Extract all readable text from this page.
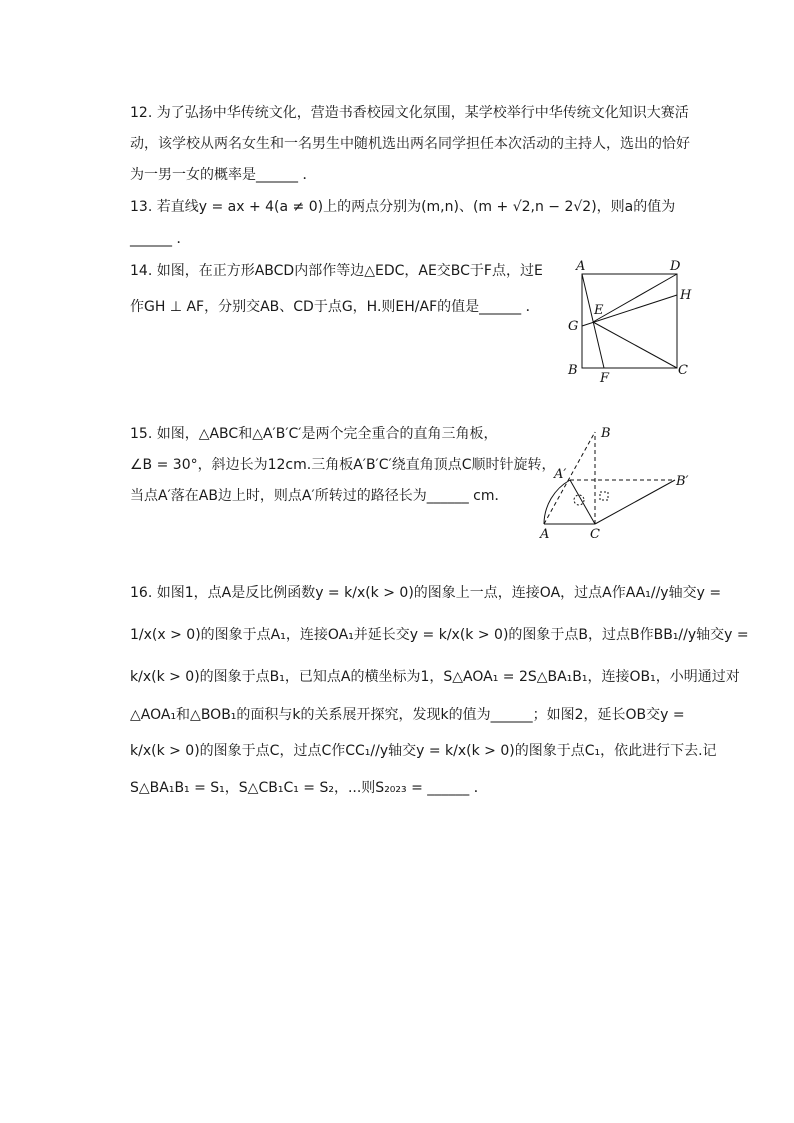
12. 为了弘扬中华传统文化，营造书香校园文化氛围，某学校举行中华传统文化知识大赛活
动，该学校从两名女生和一名男生中随机选出两名同学担任本次活动的主持人，选出的恰好
为一男一女的概率是______ ．
13. 若直线y = ax + 4(a ≠ 0)上的两点分别为(m,n)、(m + √2,n − 2√2)，则a的值为
______ ．
14. 如图，在正方形ABCD内部作等边△EDC，AE交BC于F点，过E
作GH ⊥ AF，分别交AB、CD于点G，H.则EH/AF的值是______ ．
A	D
H
E
G
B
F
C
15. 如图，△ABC和△A′B′C′是两个完全重合的直角三角板，
∠B = 30°，斜边长为12cm.三角板A′B′C′绕直角顶点C顺时针旋转，
当点A′落在AB边上时，则点A′所转过的路径长为______ cm．
B
A′	B′
A	C
16. 如图1，点A是反比例函数y = k/x(k > 0)的图象上一点，连接OA，过点A作AA₁//y轴交y =
1/x(x > 0)的图象于点A₁，连接OA₁并延长交y = k/x(k > 0)的图象于点B，过点B作BB₁//y轴交y =
k/x(k > 0)的图象于点B₁，已知点A的横坐标为1，S△AOA₁ = 2S△BA₁B₁，连接OB₁，小明通过对
△AOA₁和△BOB₁的面积与k的关系展开探究，发现k的值为______；如图2，延长OB交y =
k/x(k > 0)的图象于点C，过点C作CC₁//y轴交y = k/x(k > 0)的图象于点C₁，依此进行下去.记
S△BA₁B₁ = S₁，S△CB₁C₁ = S₂，...则S₂₀₂₃ = ______ ．
